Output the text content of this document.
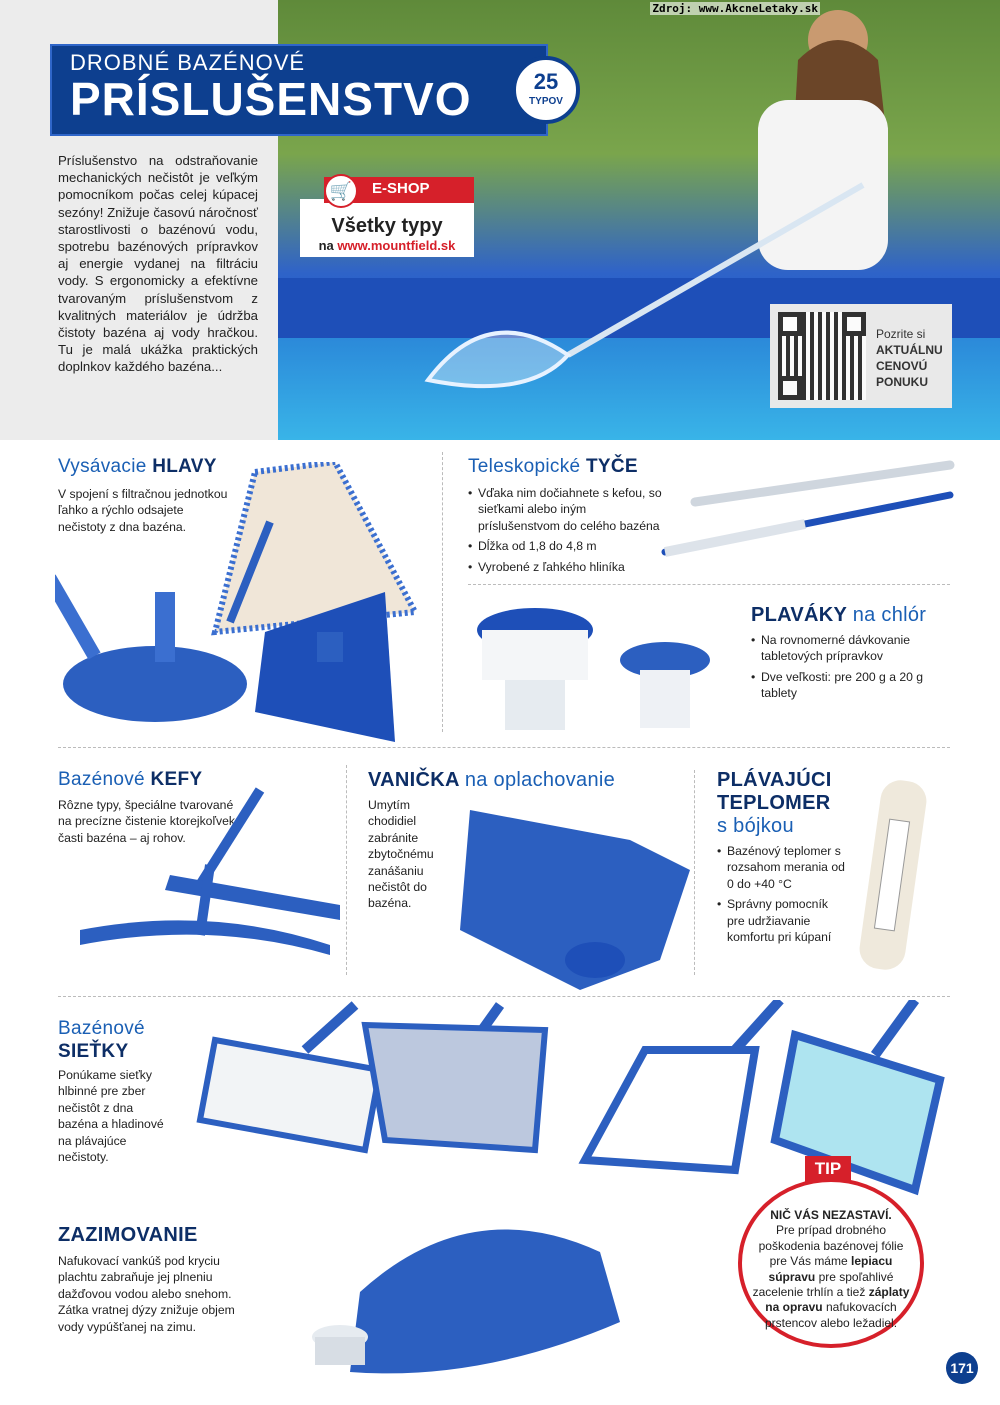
Zdroj: www.AkcneLetaky.sk
DROBNÉ BAZÉNOVÉ
PRÍSLUŠENSTVO	25
TYPOV
Príslušenstvo na odstraňovanie mechanických nečistôt je veľkým pomocníkom počas celej kúpacej sezóny! Znižuje časovú náročnosť starostlivosti o bazénovú vodu, spotrebu bazénových prípravkov aj energie vydanej na filtráciu vody. S ergonomicky a efektívne tvarovaným príslušenstvom z kvalitných materiálov je údržba čistoty bazéna aj vody hračkou. Tu je malá ukážka praktických doplnkov každého bazéna...
Všetky typy
na www.mountfield.sk
E-SHOP
🛒
Pozrite si
AKTUÁLNU
CENOVÚ
PONUKU
Vysávacie HLAVY
V spojení s filtračnou jednotkou ľahko a rýchlo odsajete nečistoty z dna bazéna.
Teleskopické TYČE
• Vďaka nim dočiahnete s kefou, so sieťkami alebo iným príslušenstvom do celého bazéna
• Dĺžka od 1,8 do 4,8 m
• Vyrobené z ľahkého hliníka
PLAVÁKY na chlór
• Na rovnomerné dávkovanie tabletových prípravkov
• Dve veľkosti: pre 200 g a 20 g tablety
Bazénové KEFY
Rôzne typy, špeciálne tvarované na precízne čistenie ktorejkoľvek časti bazéna – aj rohov.
VANIČKA na oplachovanie
Umytím chodidiel zabránite zbytočnému zanášaniu nečistôt do bazéna.
PLÁVAJÚCI
TEPLOMER
s bójkou
• Bazénový teplomer s rozsahom merania od 0 do +40 °C
• Správny pomocník pre udržiavanie komfortu pri kúpaní
Bazénové
SIEŤKY
Ponúkame sieťky hlbinné pre zber nečistôt z dna bazéna a hladinové na plávajúce nečistoty.
ZAZIMOVANIE
Nafukovací vankúš pod kryciu plachtu zabraňuje jej plneniu dažďovou vodou alebo snehom. Zátka vratnej dýzy znižuje objem vody vypúšťanej na zimu.
NIČ VÁS NEZASTAVÍ.
Pre prípad drobného poškodenia bazénovej fólie pre Vás máme lepiacu súpravu pre spoľahlivé zacelenie trhlín a tiež záplaty na opravu nafukovacích prstencov alebo ležadiel.
TIP
171
